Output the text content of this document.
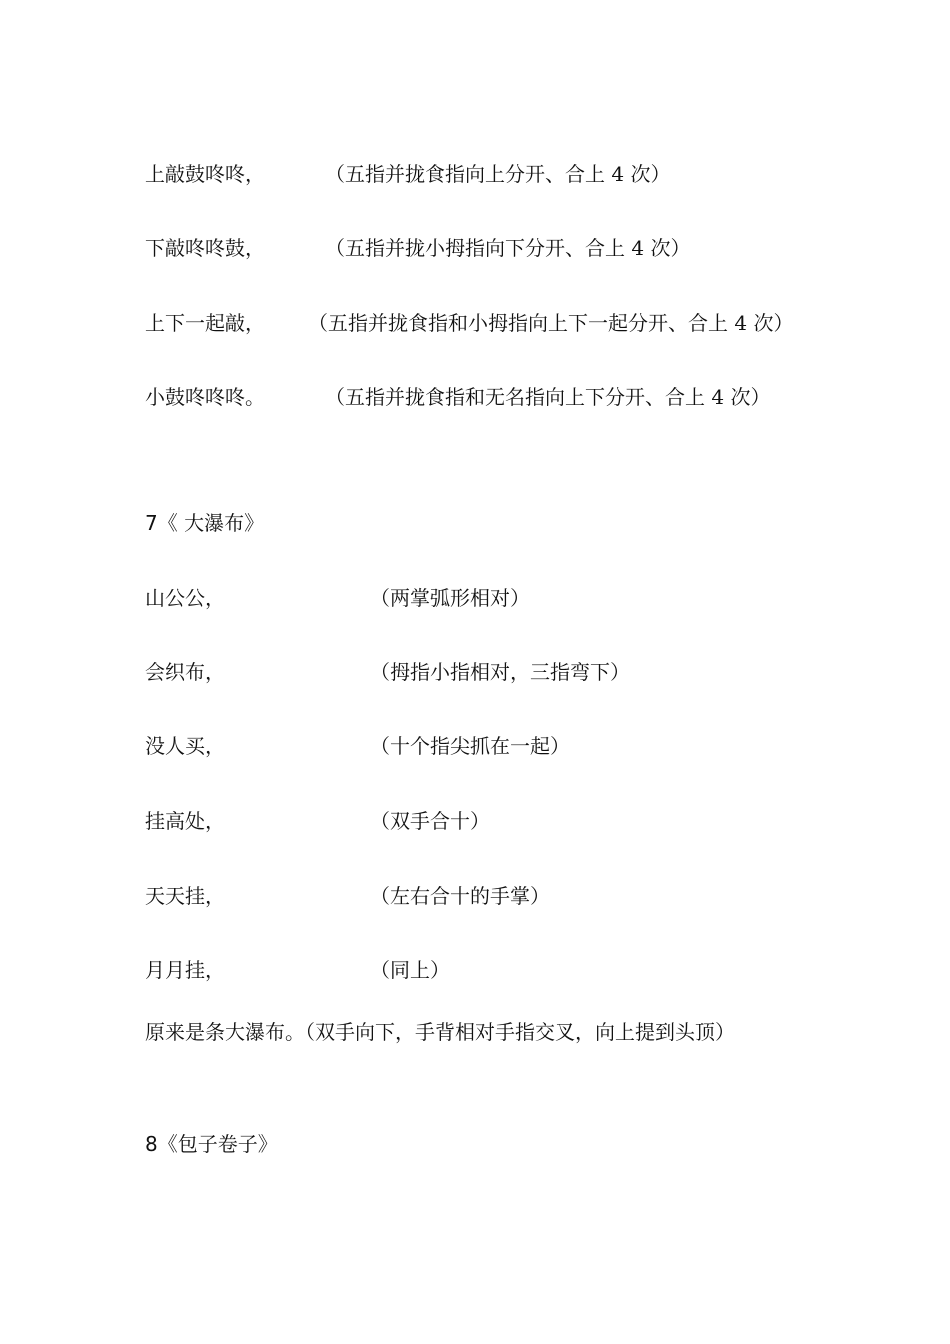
上敲鼓咚咚，	（五指并拢食指向上分开、合上 4 次）
下敲咚咚鼓，	（五指并拢小拇指向下分开、合上 4 次）
上下一起敲， （五指并拢食指和小拇指向上下一起分开、合上 4 次）
小鼓咚咚咚。	（五指并拢食指和无名指向上下分开、合上 4 次）
7《 大瀑布》
山公公，	（两掌弧形相对）
会织布，	（拇指小指相对，三指弯下）
没人买，	（十个指尖抓在一起）
挂高处，	（双手合十）
天天挂，	（左右合十的手掌）
月月挂，	（同上）
原来是条大瀑布。（双手向下，手背相对手指交叉，向上提到头顶）
8《包子卷子》
